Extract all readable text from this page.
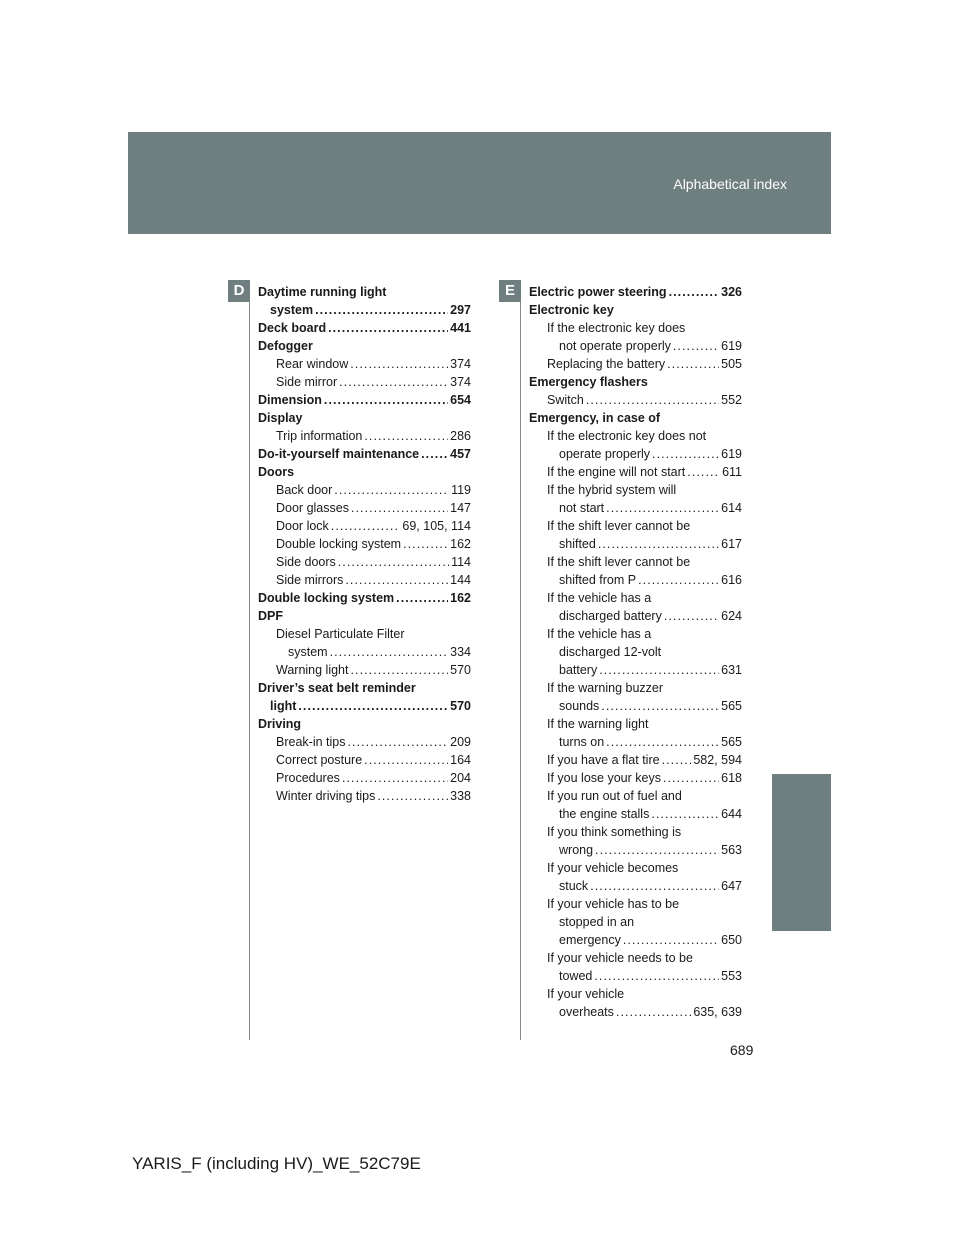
Alphabetical index
D	E
Daytime running light
system . . .	297
Deck board . . .	441
Defogger
Rear window . . .	374
Side mirror . . .	374
Dimension . . .	654
Display
Trip information . . .	286
Do-it-yourself maintenance . . . 457
Doors
Back door . . .	119
Door glasses . . .	147
Door lock . . .	69, 105, 114
Double locking system . . .	162
Side doors . . .	114
Side mirrors . . .	144
Double locking system . . .	162
DPF
Diesel Particulate Filter
system . . .	334
Warning light . . .	570
Driver’s seat belt reminder
light . . .	570
Driving
Break-in tips . . .	209
Correct posture . . .	164
Procedures . . .	204
Winter driving tips . . .	338
Electric power steering . . .	326
Electronic key
If the electronic key does
not operate properly . . .	619
Replacing the battery . . .	505
Emergency flashers
Switch . . .	552
Emergency, in case of
If the electronic key does not
operate properly . . .	619
If the engine will not start . . .	611
If the hybrid system will
not start . . .	614
If the shift lever cannot be
shifted . . .	617
If the shift lever cannot be
shifted from P . . .	616
If the vehicle has a
discharged battery . . .	624
If the vehicle has a
discharged 12-volt
battery . . .	631
If the warning buzzer
sounds . . .	565
If the warning light
turns on . . .	565
If you have a flat tire . . .	582, 594
If you lose your keys . . .	618
If you run out of fuel and
the engine stalls . . .	644
If you think something is
wrong . . .	563
If your vehicle becomes
stuck . . .	647
If your vehicle has to be
stopped in an
emergency . . .	650
If your vehicle needs to be
towed . . .	553
If your vehicle
overheats . . .	635, 639
689
YARIS_F (including HV)_WE_52C79E
